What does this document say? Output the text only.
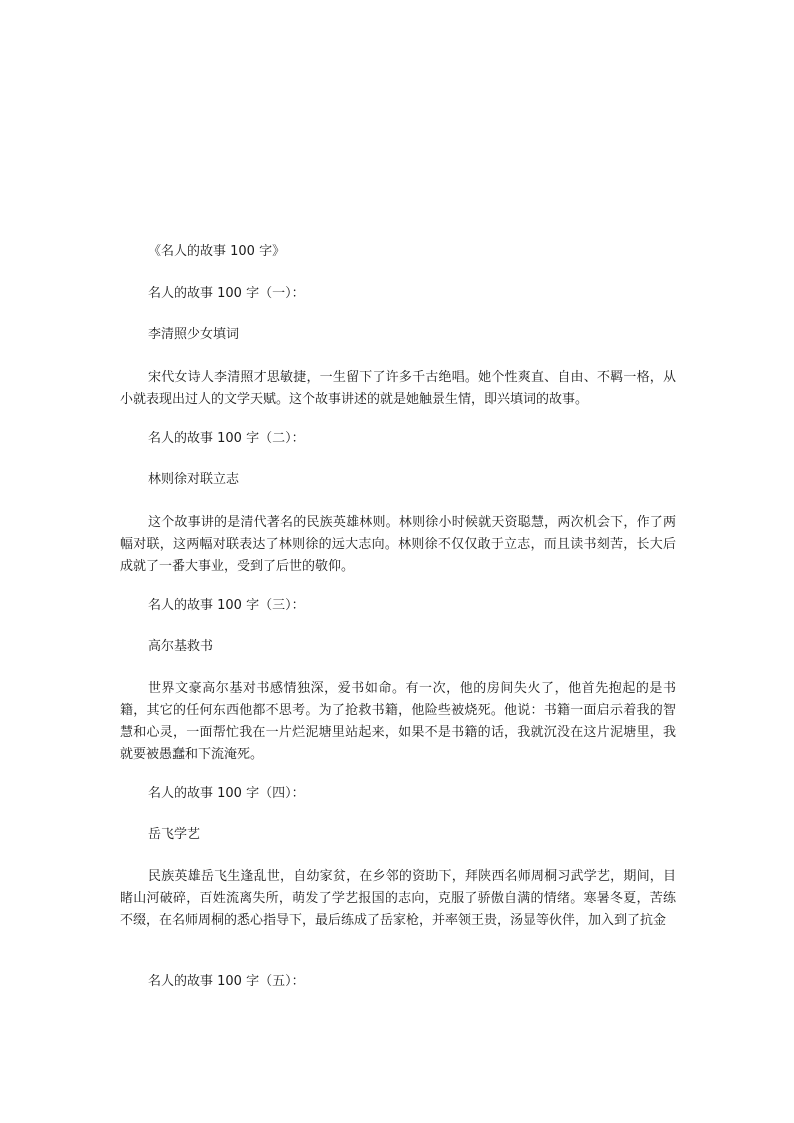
《名人的故事 100 字》
名人的故事 100 字（一）：
李清照少女填词

宋代女诗人李清照才思敏捷，一生留下了许多千古绝唱。她个性爽直、自由、不羁一格，从小就表现出过人的文学天赋。这个故事讲述的就是她触景生情，即兴填词的故事。

名人的故事 100 字（二）：
林则徐对联立志

这个故事讲的是清代著名的民族英雄林则。林则徐小时候就天资聪慧，两次机会下，作了两幅对联，这两幅对联表达了林则徐的远大志向。林则徐不仅仅敢于立志，而且读书刻苦，长大后成就了一番大事业，受到了后世的敬仰。

名人的故事 100 字（三）：
高尔基救书

世界文豪高尔基对书感情独深，爱书如命。有一次，他的房间失火了，他首先抱起的是书籍，其它的任何东西他都不思考。为了抢救书籍，他险些被烧死。他说：书籍一面启示着我的智慧和心灵，一面帮忙我在一片烂泥塘里站起来，如果不是书籍的话，我就沉没在这片泥塘里，我就要被愚蠢和下流淹死。

名人的故事 100 字（四）：
岳飞学艺

民族英雄岳飞生逢乱世，自幼家贫，在乡邻的资助下，拜陕西名师周桐习武学艺，期间，目睹山河破碎，百姓流离失所，萌发了学艺报国的志向，克服了骄傲自满的情绪。寒暑冬夏，苦练不缀，在名师周桐的悉心指导下，最后练成了岳家枪，并率领王贵，汤显等伙伴，加入到了抗金

名人的故事 100 字（五）：
